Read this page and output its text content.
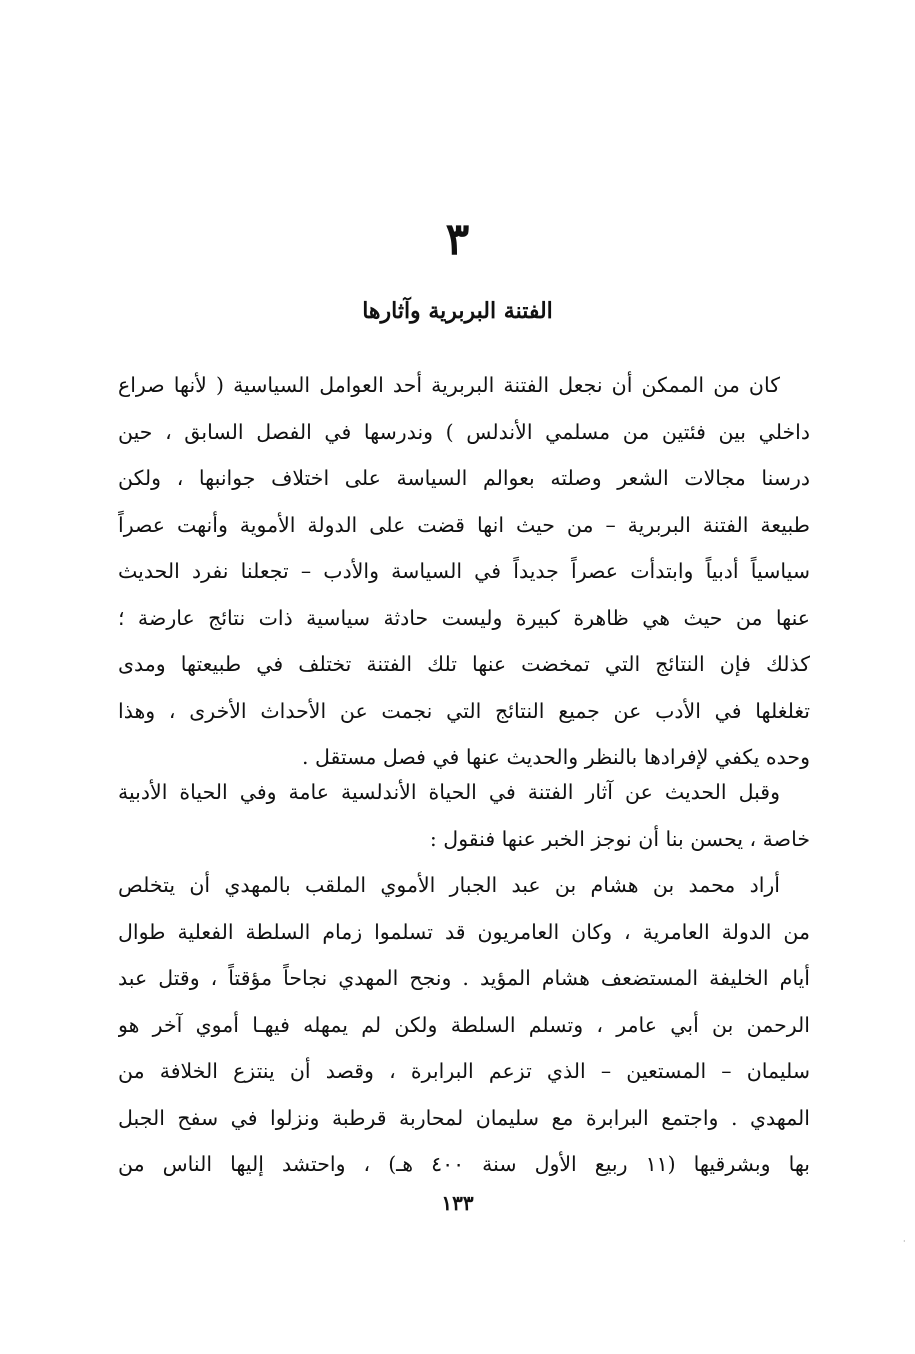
٣
الفتنة البربرية وآثارها
كان من الممكن أن نجعل الفتنة البربرية أحد العوامل السياسية ( لأنها صراع
داخلي بين فئتين من مسلمي الأندلس ) وندرسها في الفصل السابق ، حين
درسنا مجالات الشعر وصلته بعوالم السياسة على اختلاف جوانبها ، ولكن
طبيعة الفتنة البربرية – من حيث انها قضت على الدولة الأموية وأنهت عصراً
سياسياً أدبياً وابتدأت عصراً جديداً في السياسة والأدب – تجعلنا نفرد الحديث
عنها من حيث هي ظاهرة كبيرة وليست حادثة سياسية ذات نتائج عارضة ؛
كذلك فإن النتائج التي تمخضت عنها تلك الفتنة تختلف في طبيعتها ومدى
تغلغلها في الأدب عن جميع النتائج التي نجمت عن الأحداث الأخرى ، وهذا
وحده يكفي لإفرادها بالنظر والحديث عنها في فصل مستقل .
وقبل الحديث عن آثار الفتنة في الحياة الأندلسية عامة وفي الحياة الأدبية
خاصة ، يحسن بنا أن نوجز الخبر عنها فنقول :
أراد محمد بن هشام بن عبد الجبار الأموي الملقب بالمهدي أن يتخلص
من الدولة العامرية ، وكان العامريون قد تسلموا زمام السلطة الفعلية طوال
أيام الخليفة المستضعف هشام المؤيد . ونجح المهدي نجاحاً مؤقتاً ، وقتل عبد
الرحمن بن أبي عامر ، وتسلم السلطة ولكن لم يمهله فيهـا أموي آخر هو
سليمان – المستعين – الذي تزعم البرابرة ، وقصد أن ينتزع الخلافة من
المهدي . واجتمع البرابرة مع سليمان لمحاربة قرطبة ونزلوا في سفح الجبل
بها وبشرقيها (١١ ربيع الأول سنة ٤٠٠ هـ) ، واحتشد إليها الناس من
١٣٣
·
